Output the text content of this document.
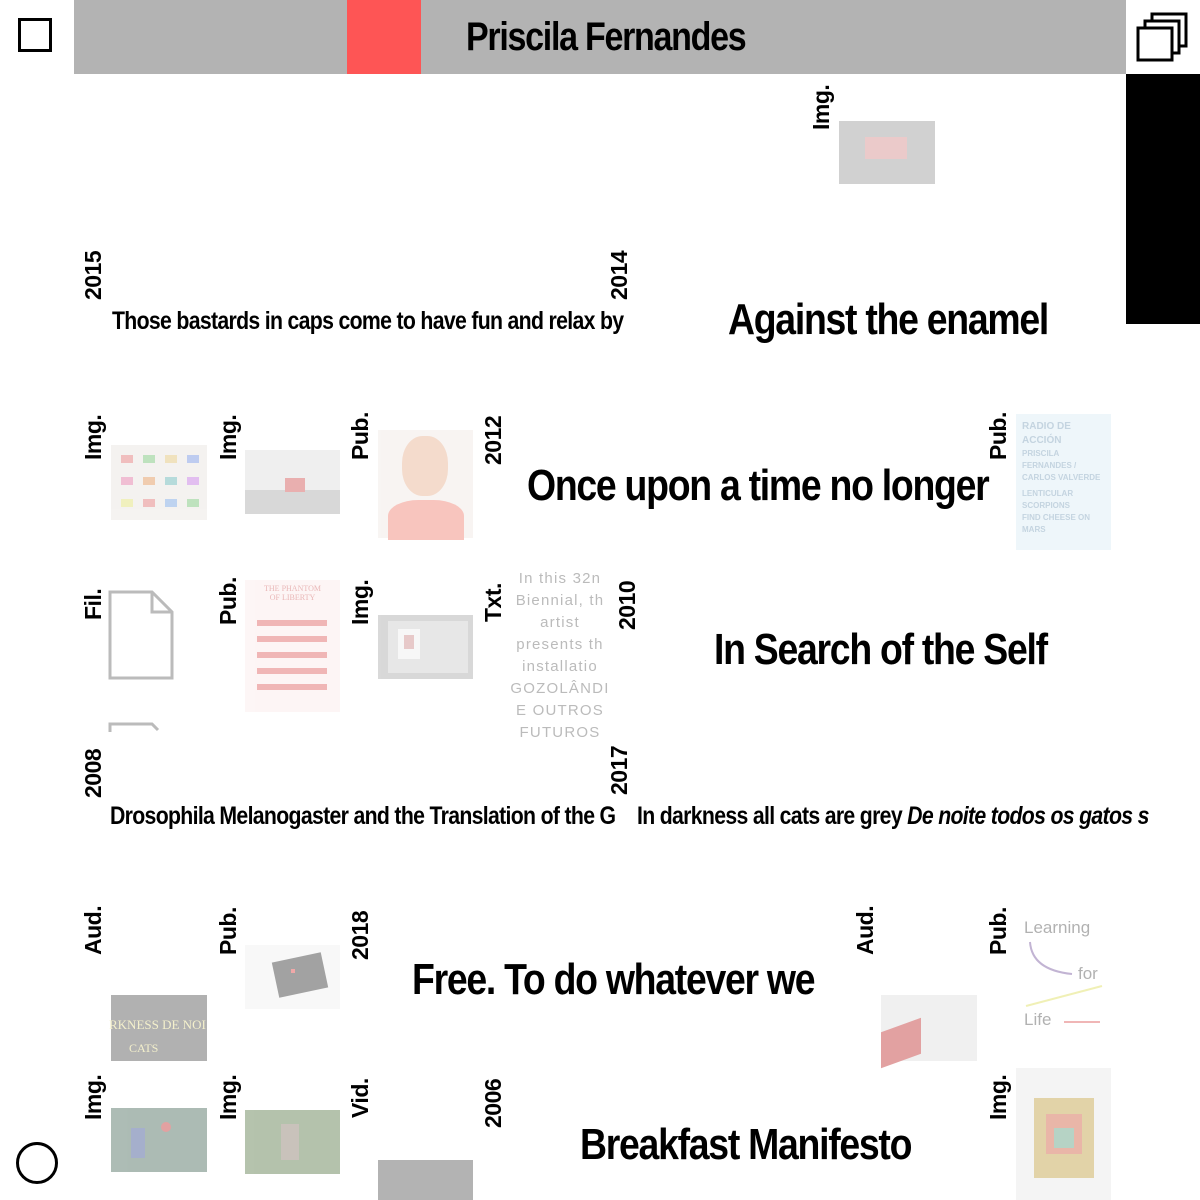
Priscila Fernandes
Img.
2015
Those bastards in caps come to have fun and relax by
2014
Against the enamel
Img.	Img.	Pub.	2012
Once upon a time no longer
Pub. RADIO DE ACCIÓN
PRISCILA FERNANDES /
CARLOS VALVERDE
LENTICULAR SCORPIONS
FIND CHEESE ON MARS
Fil.	Pub.	THE PHANTOM
OF LIBERTY	Img.	Txt.
In this 32n Biennial, th artist presents th installatio GOZOLÂNDI E OUTROS FUTUROS
2010
In Search of the Self
2008
Drosophila Melanogaster and the Translation of the G
2017
In darkness all cats are grey De noite todos os gatos s
Aud.
RKNESS DE NOI
CATS
Pub.	2018
Free. To do whatever we
Aud.	Pub. Learning
for
Life
Img.	Img.	Vid.	2006
Breakfast Manifesto
Img.
